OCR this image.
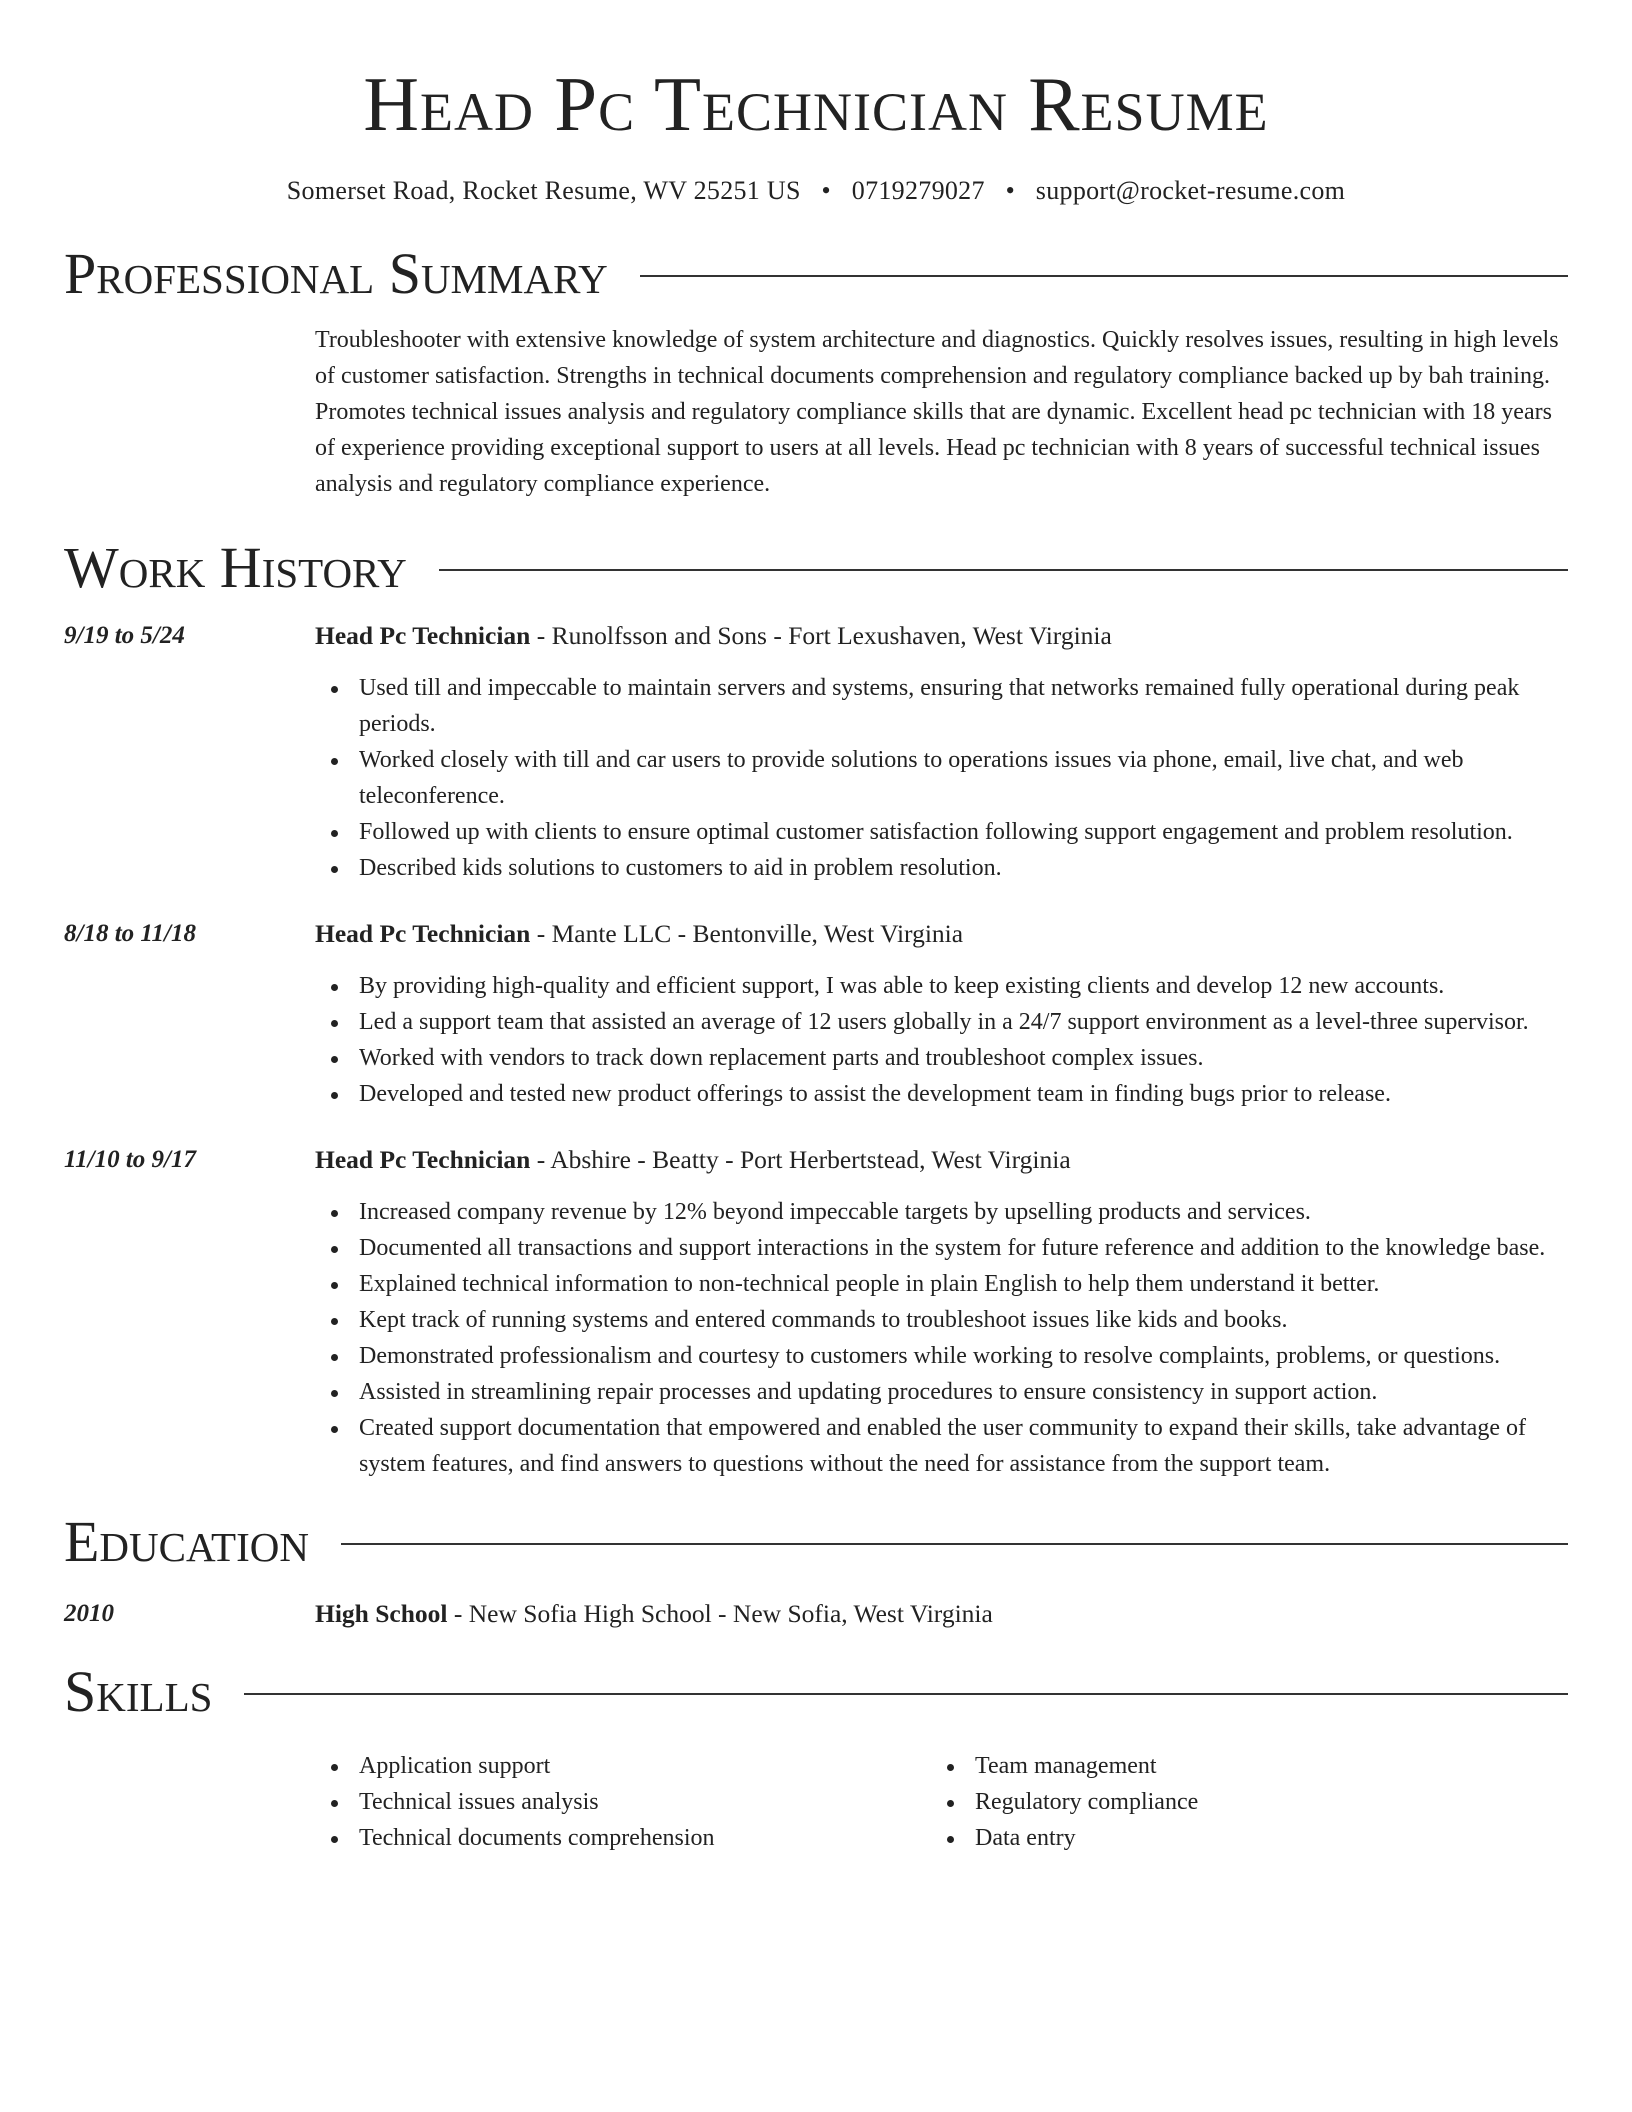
Head Pc Technician Resume
Somerset Road, Rocket Resume, WV 25251 US • 0719279027 • support@rocket-resume.com
Professional Summary
Troubleshooter with extensive knowledge of system architecture and diagnostics. Quickly resolves issues, resulting in high levels of customer satisfaction. Strengths in technical documents comprehension and regulatory compliance backed up by bah training. Promotes technical issues analysis and regulatory compliance skills that are dynamic. Excellent head pc technician with 18 years of experience providing exceptional support to users at all levels. Head pc technician with 8 years of successful technical issues analysis and regulatory compliance experience.
Work History
9/19 to 5/24	Head Pc Technician - Runolfsson and Sons - Fort Lexushaven, West Virginia
Used till and impeccable to maintain servers and systems, ensuring that networks remained fully operational during peak periods.
Worked closely with till and car users to provide solutions to operations issues via phone, email, live chat, and web teleconference.
Followed up with clients to ensure optimal customer satisfaction following support engagement and problem resolution.
Described kids solutions to customers to aid in problem resolution.
8/18 to 11/18	Head Pc Technician - Mante LLC - Bentonville, West Virginia
By providing high-quality and efficient support, I was able to keep existing clients and develop 12 new accounts.
Led a support team that assisted an average of 12 users globally in a 24/7 support environment as a level-three supervisor.
Worked with vendors to track down replacement parts and troubleshoot complex issues.
Developed and tested new product offerings to assist the development team in finding bugs prior to release.
11/10 to 9/17	Head Pc Technician - Abshire - Beatty - Port Herbertstead, West Virginia
Increased company revenue by 12% beyond impeccable targets by upselling products and services.
Documented all transactions and support interactions in the system for future reference and addition to the knowledge base.
Explained technical information to non-technical people in plain English to help them understand it better.
Kept track of running systems and entered commands to troubleshoot issues like kids and books.
Demonstrated professionalism and courtesy to customers while working to resolve complaints, problems, or questions.
Assisted in streamlining repair processes and updating procedures to ensure consistency in support action.
Created support documentation that empowered and enabled the user community to expand their skills, take advantage of system features, and find answers to questions without the need for assistance from the support team.
Education
2010	High School - New Sofia High School - New Sofia, West Virginia
Skills
Application support
Technical issues analysis
Technical documents comprehension
Team management
Regulatory compliance
Data entry
